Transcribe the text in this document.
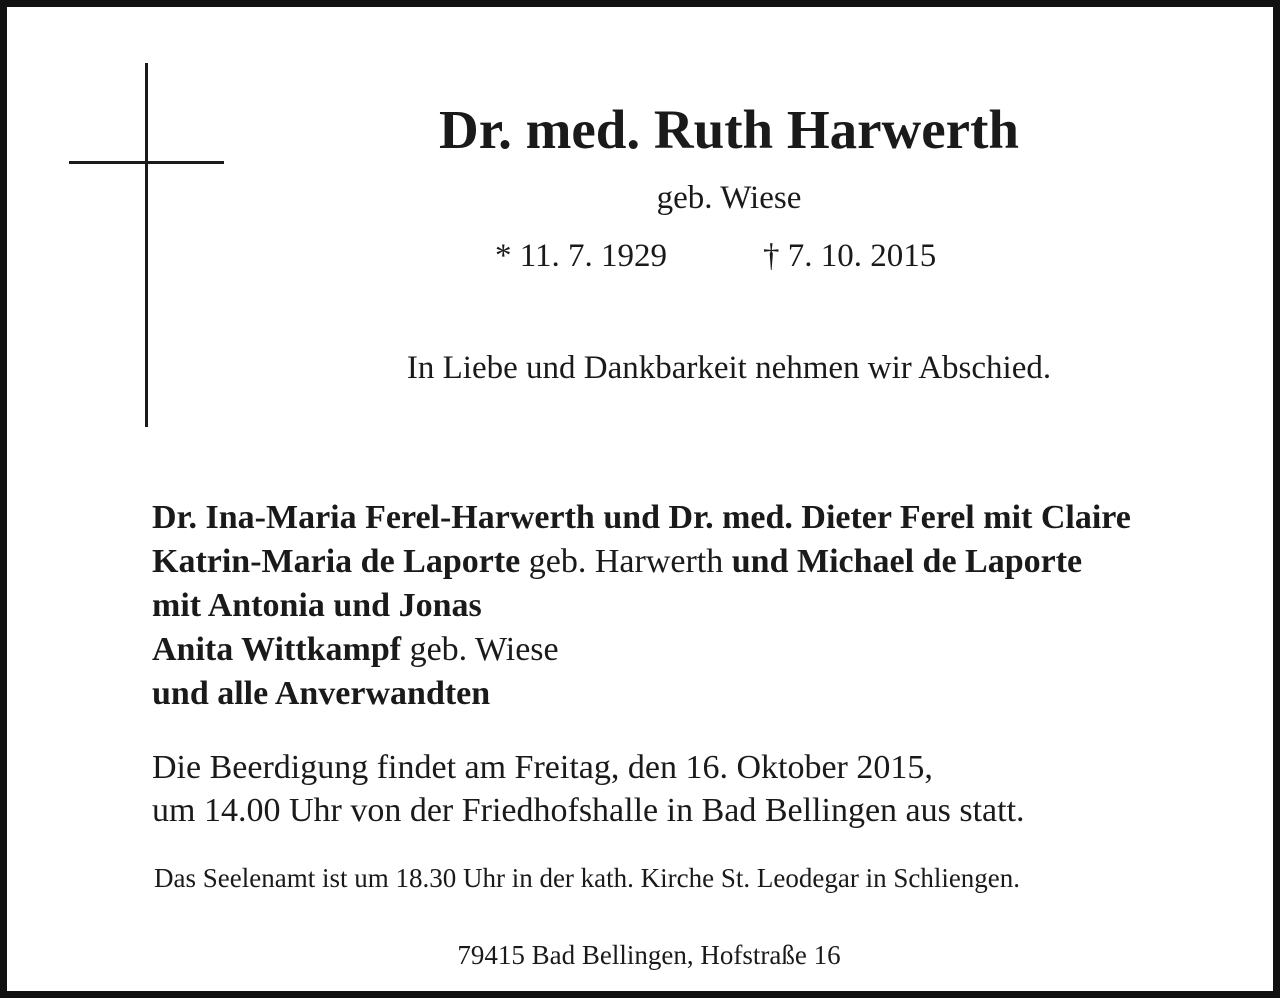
Dr. med. Ruth Harwerth
geb. Wiese
* 11. 7. 1929	† 7. 10. 2015
In Liebe und Dankbarkeit nehmen wir Abschied.
Dr. Ina-Maria Ferel-Harwerth und Dr. med. Dieter Ferel mit Claire
Katrin-Maria de Laporte geb. Harwerth und Michael de Laporte
mit Antonia und Jonas
Anita Wittkampf geb. Wiese
und alle Anverwandten
Die Beerdigung findet am Freitag, den 16. Oktober 2015,
um 14.00 Uhr von der Friedhofshalle in Bad Bellingen aus statt.
Das Seelenamt ist um 18.30 Uhr in der kath. Kirche St. Leodegar in Schliengen.
79415 Bad Bellingen, Hofstraße 16
